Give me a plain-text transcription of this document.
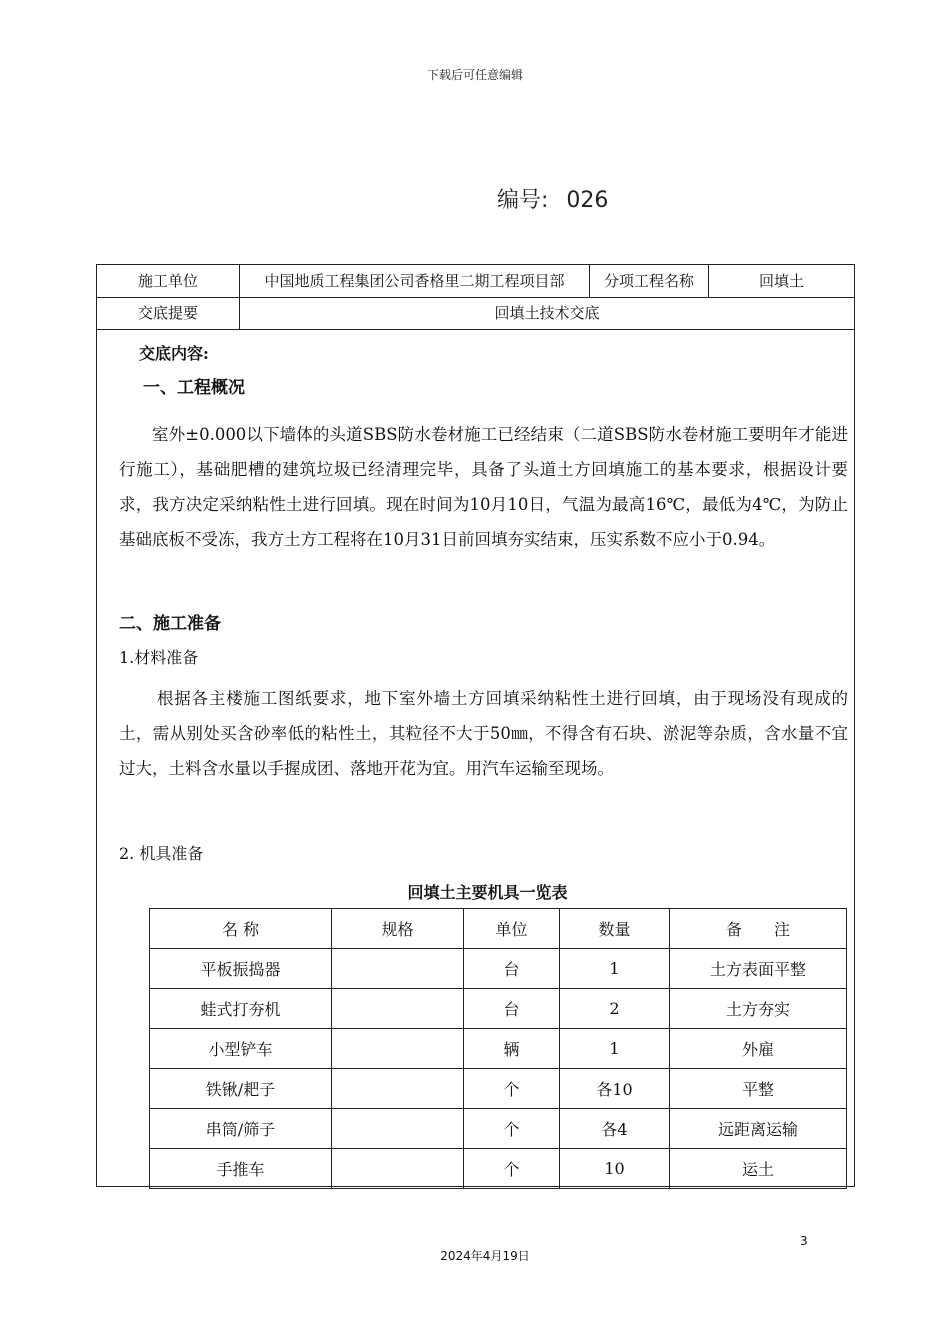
下载后可任意编辑
编号: 026
施工单位	中国地质工程集团公司香格里二期工程项目部	分项工程名称	回填土
交底提要	回填土技术交底
交底内容:
一、工程概况
室外±0.000以下墙体的头道SBS防水卷材施工已经结束（二道SBS防水卷材施工要明年才能进行施工），基础肥槽的建筑垃圾已经清理完毕，具备了头道土方回填施工的基本要求，根据设计要求，我方决定采纳粘性土进行回填。现在时间为10月10日，气温为最高16℃，最低为4℃，为防止基础底板不受冻，我方土方工程将在10月31日前回填夯实结束，压实系数不应小于0.94。
二、施工准备
1.材料准备
根据各主楼施工图纸要求，地下室外墙土方回填采纳粘性土进行回填，由于现场没有现成的土，需从别处买含砂率低的粘性土，其粒径不大于50㎜，不得含有石块、淤泥等杂质，含水量不宜过大，土料含水量以手握成团、落地开花为宜。用汽车运输至现场。
2. 机具准备
回填土主要机具一览表
名 称	规格	单位	数量	备　　注
平板振捣器		台	1	土方表面平整
蛙式打夯机		台	2	土方夯实
小型铲车		辆	1	外雇
铁锹/耙子		个	各10	平整
串筒/筛子		个	各4	远距离运输
手推车		个	10	运土
3
2024年4月19日
